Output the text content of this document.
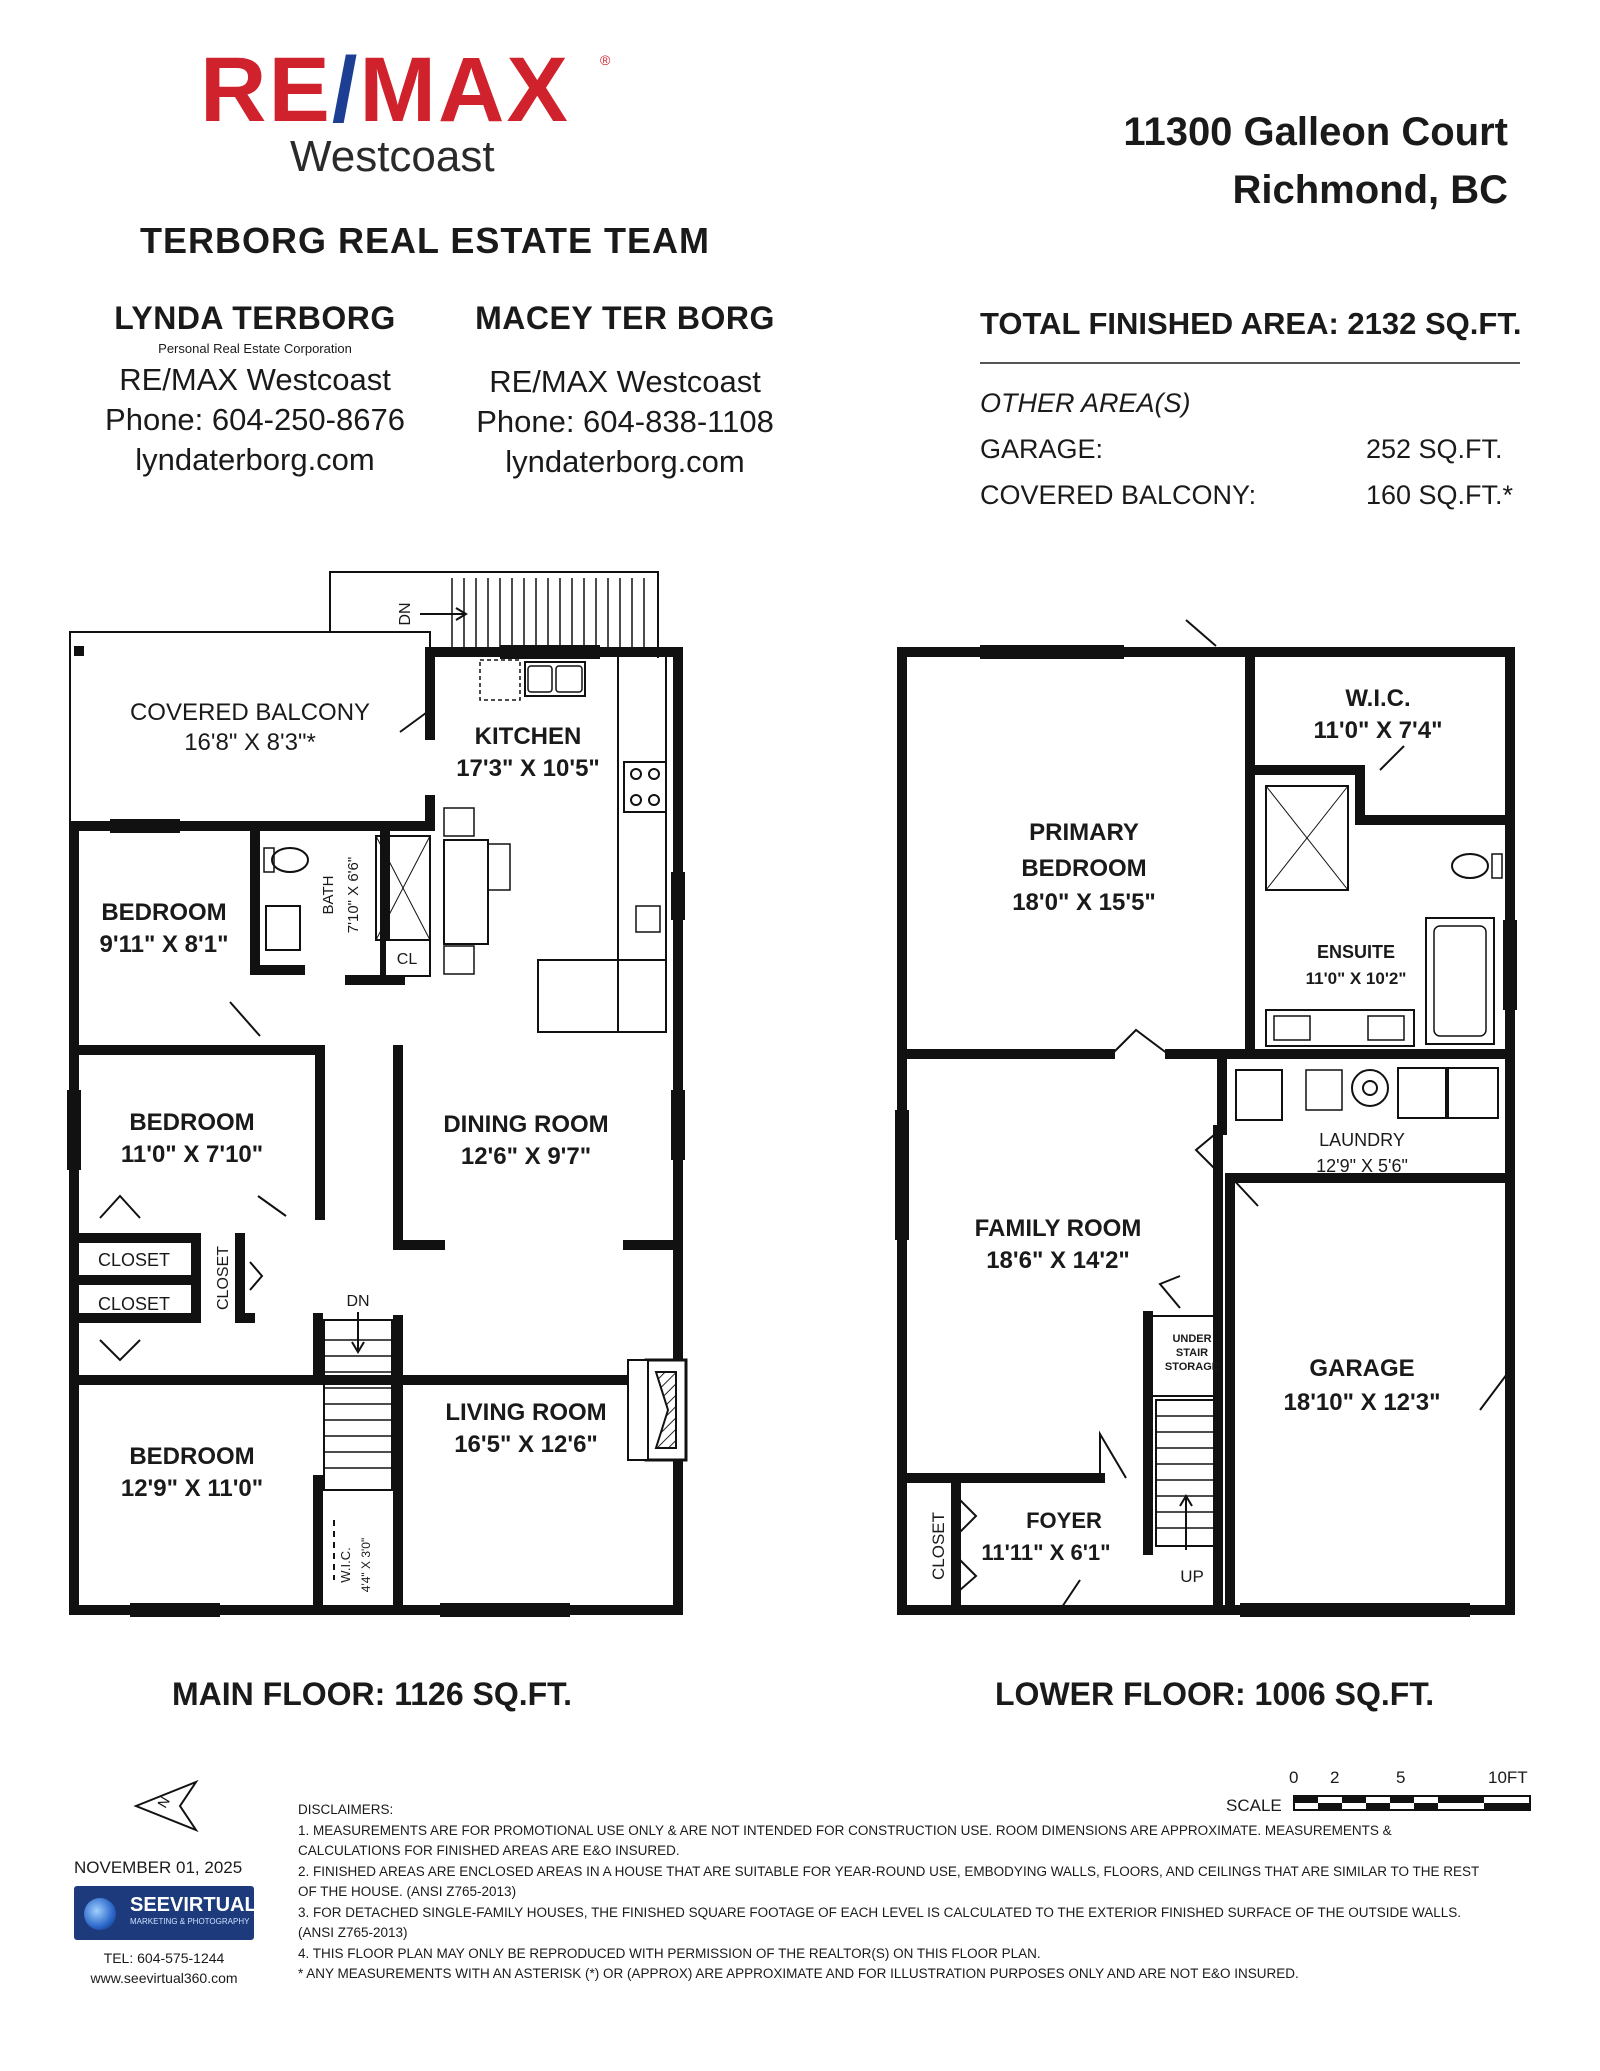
RE/MAX	®
Westcoast
TERBORG REAL ESTATE TEAM
LYNDA TERBORG
Personal Real Estate Corporation
RE/MAX Westcoast
Phone: 604-250-8676
lyndaterborg.com
MACEY TER BORG
RE/MAX Westcoast
Phone: 604-838-1108
lyndaterborg.com
11300 Galleon Court
Richmond, BC
TOTAL FINISHED AREA: 2132 SQ.FT.
OTHER AREA(S)
GARAGE:	252 SQ.FT.
COVERED BALCONY:	160 SQ.FT.*
COVERED BALCONY
16'8" X 8'3"*	KITCHEN
17'3" X 10'5"
BEDROOM
9'11" X 8'1"
BATH 7'10" X 6'6"
CL
BEDROOM
11'0" X 7'10"
DINING ROOM
12'6" X 9'7"
CLOSET
CLOSET	CLOSET
LIVING ROOM
16'5" X 12'6"
BEDROOM
12'9" X 11'0"
W.I.C. 4'4" X 3'0"
DN
DN
W.I.C.
11'0" X 7'4"
PRIMARY
BEDROOM
18'0" X 15'5"
ENSUITE
11'0" X 10'2"
LAUNDRY
12'9" X 5'6"
FAMILY ROOM
18'6" X 14'2"
UNDER
STAIR
STORAGE	GARAGE
18'10" X 12'3"
FOYER
11'11" X 6'1"
CLOSET	UP
N
MAIN FLOOR: 1126 SQ.FT.	LOWER FLOOR: 1006 SQ.FT.
SCALE
0 2	5	10FT
DISCLAIMERS:
1. MEASUREMENTS ARE FOR PROMOTIONAL USE ONLY & ARE NOT INTENDED FOR CONSTRUCTION USE. ROOM DIMENSIONS ARE APPROXIMATE. MEASUREMENTS &
CALCULATIONS FOR FINISHED AREAS ARE E&O INSURED.
2. FINISHED AREAS ARE ENCLOSED AREAS IN A HOUSE THAT ARE SUITABLE FOR YEAR-ROUND USE, EMBODYING WALLS, FLOORS, AND CEILINGS THAT ARE SIMILAR TO THE REST
OF THE HOUSE. (ANSI Z765-2013)
3. FOR DETACHED SINGLE-FAMILY HOUSES, THE FINISHED SQUARE FOOTAGE OF EACH LEVEL IS CALCULATED TO THE EXTERIOR FINISHED SURFACE OF THE OUTSIDE WALLS.
(ANSI Z765-2013)
4. THIS FLOOR PLAN MAY ONLY BE REPRODUCED WITH PERMISSION OF THE REALTOR(S) ON THIS FLOOR PLAN.
* ANY MEASUREMENTS WITH AN ASTERISK (*) OR (APPROX) ARE APPROXIMATE AND FOR ILLUSTRATION PURPOSES ONLY AND ARE NOT E&O INSURED.
NOVEMBER 01, 2025
SEEVIRTUAL
MARKETING & PHOTOGRAPHY
TEL: 604-575-1244
www.seevirtual360.com
